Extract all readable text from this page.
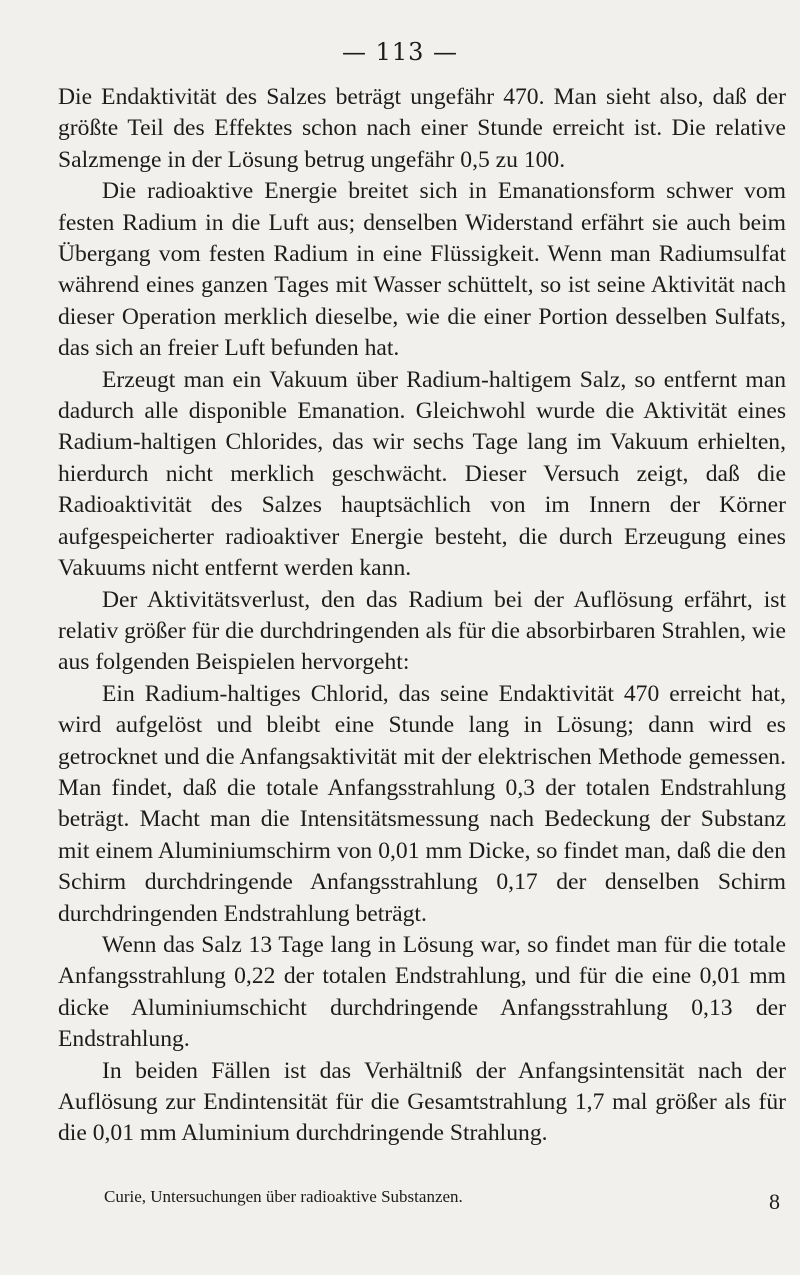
— 113 —

Die Endaktivität des Salzes beträgt ungefähr 470. Man sieht also, daß der größte Teil des Effektes schon nach einer Stunde erreicht ist. Die relative Salzmenge in der Lösung betrug ungefähr 0,5 zu 100.

Die radioaktive Energie breitet sich in Emanationsform schwer vom festen Radium in die Luft aus; denselben Widerstand erfährt sie auch beim Übergang vom festen Radium in eine Flüssigkeit. Wenn man Radiumsulfat während eines ganzen Tages mit Wasser schüttelt, so ist seine Aktivität nach dieser Operation merklich dieselbe, wie die einer Portion desselben Sulfats, das sich an freier Luft befunden hat.

Erzeugt man ein Vakuum über Radium-haltigem Salz, so entfernt man dadurch alle disponible Emanation. Gleichwohl wurde die Aktivität eines Radium-haltigen Chlorides, das wir sechs Tage lang im Vakuum erhielten, hierdurch nicht merklich geschwächt. Dieser Versuch zeigt, daß die Radioaktivität des Salzes hauptsächlich von im Innern der Körner aufgespeicherter radioaktiver Energie besteht, die durch Erzeugung eines Vakuums nicht entfernt werden kann.

Der Aktivitätsverlust, den das Radium bei der Auflösung erfährt, ist relativ größer für die durchdringenden als für die absorbirbaren Strahlen, wie aus folgenden Beispielen hervorgeht:

Ein Radium-haltiges Chlorid, das seine Endaktivität 470 erreicht hat, wird aufgelöst und bleibt eine Stunde lang in Lösung; dann wird es getrocknet und die Anfangsaktivität mit der elektrischen Methode gemessen. Man findet, daß die totale Anfangsstrahlung 0,3 der totalen Endstrahlung beträgt. Macht man die Intensitätsmessung nach Bedeckung der Substanz mit einem Aluminiumschirm von 0,01 mm Dicke, so findet man, daß die den Schirm durchdringende Anfangsstrahlung 0,17 der denselben Schirm durchdringenden Endstrahlung beträgt.

Wenn das Salz 13 Tage lang in Lösung war, so findet man für die totale Anfangsstrahlung 0,22 der totalen Endstrahlung, und für die eine 0,01 mm dicke Aluminiumschicht durchdringende Anfangsstrahlung 0,13 der Endstrahlung.

In beiden Fällen ist das Verhältniß der Anfangsintensität nach der Auflösung zur Endintensität für die Gesamtstrahlung 1,7 mal größer als für die 0,01 mm Aluminium durchdringende Strahlung.

Curie, Untersuchungen über radioaktive Substanzen.	8
